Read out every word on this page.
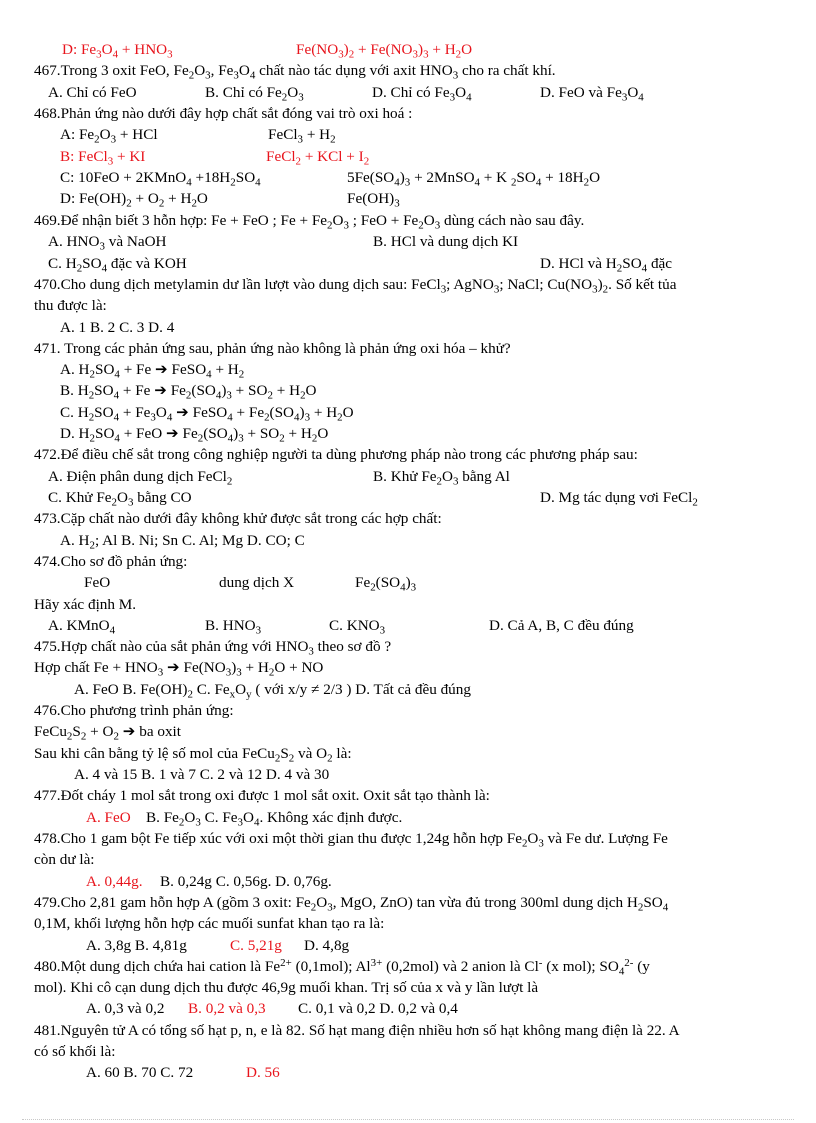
D: $Fe_3O_4 + HNO_3$	$Fe(NO_3)_2 + Fe(NO_3)_3 + H_2O$
467.Trong 3 oxit FeO, $Fe_2O_3$, $Fe_3O_4$ chất nào tác dụng với axit $HNO_3$ cho ra chất khí.
A. Chỉ có FeO	B. Chỉ có $Fe_2O_3$	D. Chỉ có $Fe_3O_4$	D. FeO và $Fe_3O_4$
468.Phản ứng nào dưới đây hợp chất sắt đóng vai trò oxi hoá :
A: $Fe_2O_3$ + HCl	FeCl$_3$ + $H_2$
B: FeCl$_3$ + KI	FeCl$_2$ + KCl + $I_2$
C: 10FeO + 2KMnO$_4$ $+18H_2SO_4$	$5Fe(SO_4)_3$ + 2MnSO$_4$ + K $_2SO_4 + 18H_2O$
D: $Fe(OH)_2 + O_2 + H_2O$	$Fe(OH)_3$
469.Để nhận biết 3 hỗn hợp: Fe + FeO ; $Fe + Fe_2O_3$ ; FeO + $Fe_2O_3$ dùng cách nào sau đây.
A. $HNO_3$ và NaOH	B. HCl và dung dịch KI
C. $H_2SO_4$ đặc và KOH	D. HCl và $H_2SO_4$ đặc
470.Cho dung dịch metylamin dư lần lượt vào dung dịch sau: FeCl$_3$; AgNO$_3$; NaCl; $Cu(NO_3)_2$. Số kết tủa
thu được là:
A. 1 B. 2 C. 3 D. 4
471. Trong các phản ứng sau, phản ứng nào không là phản ứng oxi hóa – khử?
A. $H_2SO_4 + Fe$ ➔ FeSO$_4$ + $H_2$
B. $H_2SO_4 + Fe$ ➔ $Fe_2(SO_4)_3 + SO_2 + H_2O$
C. $H_2SO_4 + Fe_3O_4$ ➔ FeSO$_4$ + $Fe_2(SO_4)_3 + H_2O$
D. $H_2SO_4$ + FeO ➔ $Fe_2(SO_4)_3 + SO_2 + H_2O$
472.Để điều chế sắt trong công nghiệp người ta dùng phương pháp nào trong các phương pháp sau:
A. Điện phân dung dịch FeCl$_2$	B. Khử $Fe_2O_3$ bằng Al
C. Khử $Fe_2O_3$ bằng CO	D. Mg tác dụng vơi FeCl$_2$
473.Cặp chất nào dưới đây không khử được sắt trong các hợp chất:
A. $H_2$; Al B. Ni; Sn C. Al; Mg D. CO; C
474.Cho sơ đồ phản ứng:
FeO	dung dịch X	$Fe_2(SO_4)_3$
Hãy xác định M.
A. KMnO$_4$	B. $HNO_3$	C. $KNO_3$	D. Cả A, B, C đều đúng
475.Hợp chất nào của sắt phản ứng với $HNO_3$ theo sơ đồ ?
Hợp chất $Fe + HNO_3$ ➔ $Fe(NO_3)_3 + H_2O$ + NO
A. FeO B. $Fe(OH)_2$ C. $Fe_xO_y$ ( với x/y ≠ 2/3 ) D. Tất cả đều đúng
476.Cho phương trình phản ứng:
$FeCu_2S_2 + O_2$ ➔ ba oxit
Sau khi cân bằng tỷ lệ số mol của $FeCu_2S_2$ và $O_2$ là:
A. 4 và 15 B. 1 và 7 C. 2 và 12 D. 4 và 30
477.Đốt cháy 1 mol sắt trong oxi được 1 mol sắt oxit. Oxit sắt tạo thành là:
A. FeO B. $Fe_2O_3$ C. $Fe_3O_4$. Không xác định được.
478.Cho 1 gam bột Fe tiếp xúc với oxi một thời gian thu được 1,24g hỗn hợp $Fe_2O_3$ và Fe dư. Lượng Fe
còn dư là:
A. 0,44g. B. 0,24g C. 0,56g. D. 0,76g.
479.Cho 2,81 gam hỗn hợp A (gồm 3 oxit: $Fe_2O_3$, MgO, ZnO) tan vừa đủ trong 300ml dung dịch $H_2SO_4$
0,1M, khối lượng hỗn hợp các muối sunfat khan tạo ra là:
A. 3,8g B. 4,81g	C. 5,21g D. 4,8g
480.Một dung dịch chứa hai cation là $Fe^{2+}$ (0,1mol); $Al^{3+}$ (0,2mol) và 2 anion là Cl- (x mol); $SO_4^{2-}$ (y
mol). Khi cô cạn dung dịch thu được 46,9g muối khan. Trị số của x và y lần lượt là
A. 0,3 và 0,2 B. 0,2 và 0,3 C. 0,1 và 0,2 D. 0,2 và 0,4
481.Nguyên tử A có tổng số hạt p, n, e là 82. Số hạt mang điện nhiều hơn số hạt không mang điện là 22. A
có số khối là:
A. 60 B. 70 C. 72	D. 56
